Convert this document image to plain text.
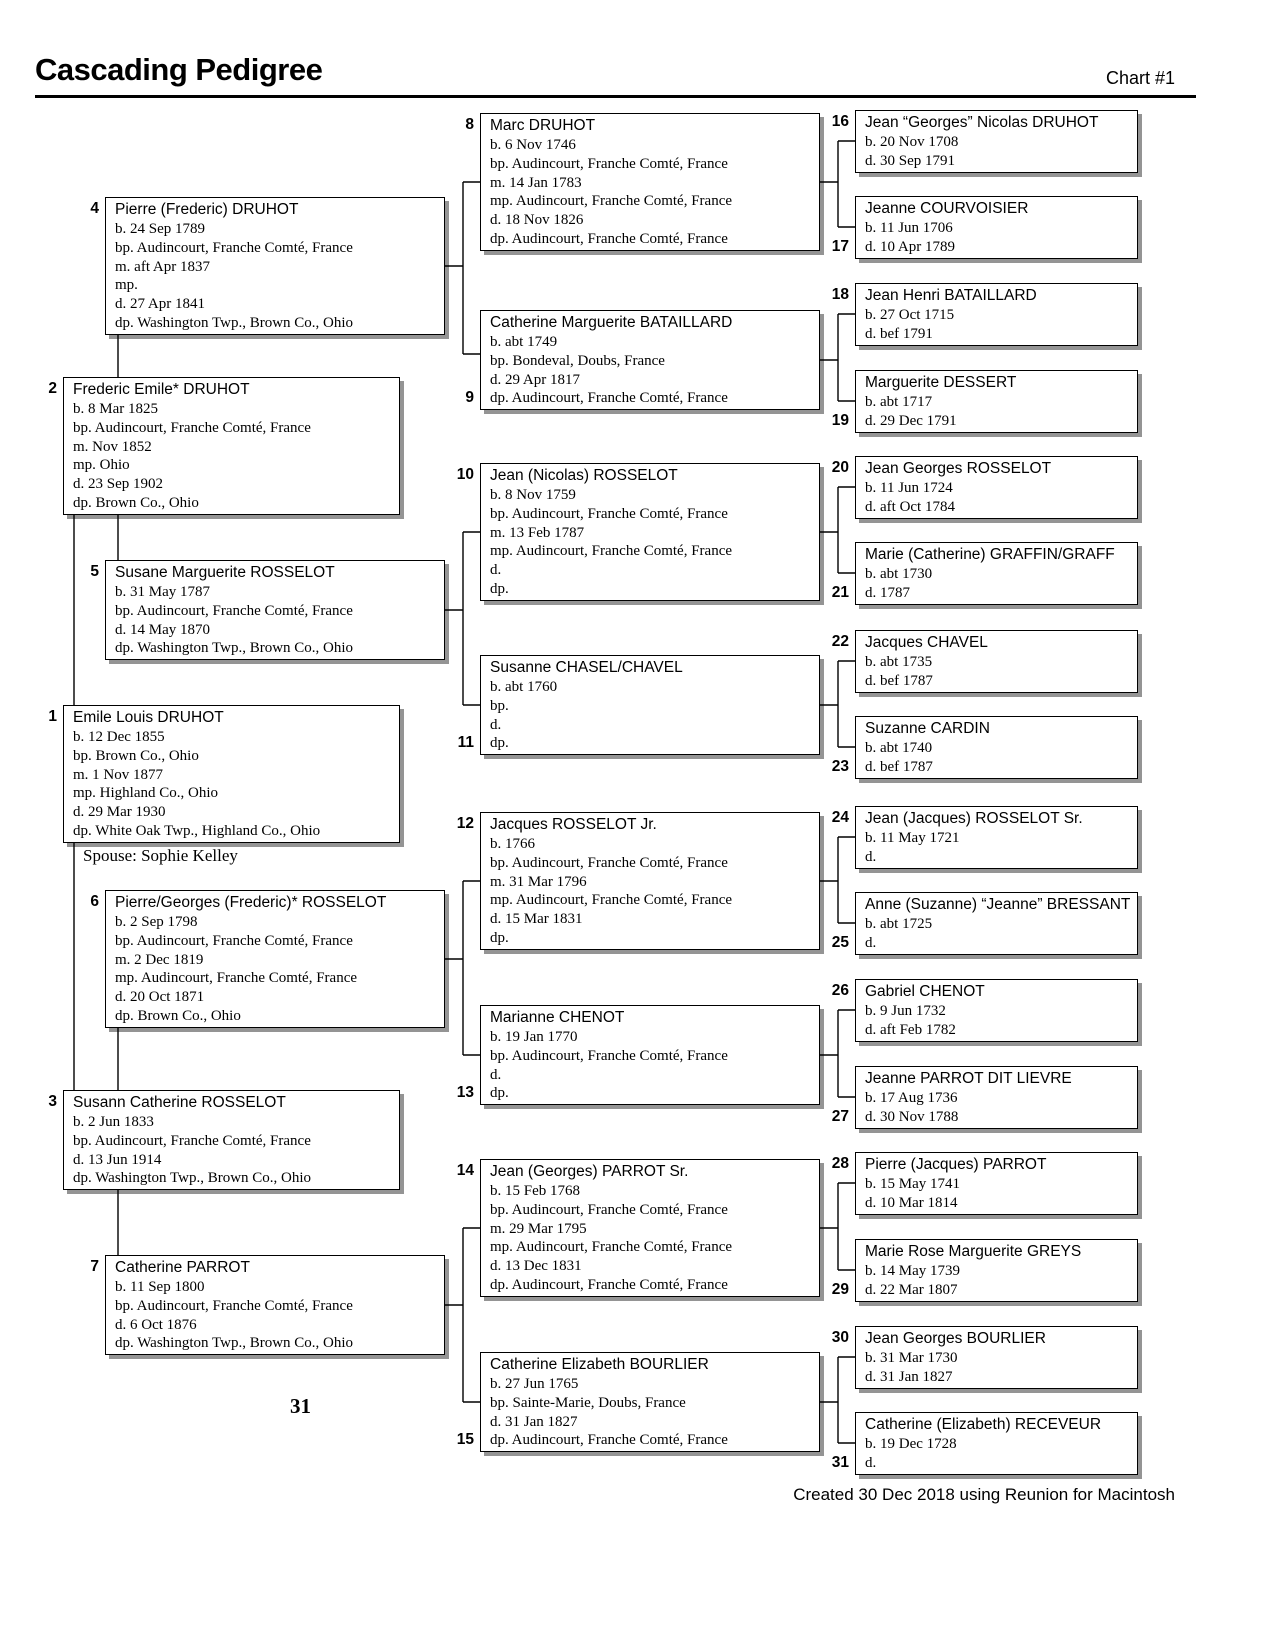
Cascading Pedigree	Chart #1
Emile Louis DRUHOT
b. 12 Dec 1855
bp. Brown Co., Ohio
m. 1 Nov 1877
mp. Highland Co., Ohio
d. 29 Mar 1930
dp. White Oak Twp., Highland Co., Ohio
1
Frederic Emile* DRUHOT
b. 8 Mar 1825
bp. Audincourt, Franche Comté, France
m. Nov 1852
mp. Ohio
d. 23 Sep 1902
dp. Brown Co., Ohio
2
Susann Catherine ROSSELOT
b. 2 Jun 1833
bp. Audincourt, Franche Comté, France
d. 13 Jun 1914
dp. Washington Twp., Brown Co., Ohio
3
Pierre (Frederic) DRUHOT
b. 24 Sep 1789
bp. Audincourt, Franche Comté, France
m. aft Apr 1837
mp.
d. 27 Apr 1841
dp. Washington Twp., Brown Co., Ohio
4
Susane Marguerite ROSSELOT
b. 31 May 1787
bp. Audincourt, Franche Comté, France
d. 14 May 1870
dp. Washington Twp., Brown Co., Ohio
5
Pierre/Georges (Frederic)* ROSSELOT
b. 2 Sep 1798
bp. Audincourt, Franche Comté, France
m. 2 Dec 1819
mp. Audincourt, Franche Comté, France
d. 20 Oct 1871
dp. Brown Co., Ohio
6
Catherine PARROT
b. 11 Sep 1800
bp. Audincourt, Franche Comté, France
d. 6 Oct 1876
dp. Washington Twp., Brown Co., Ohio
7
Marc DRUHOT
b. 6 Nov 1746
bp. Audincourt, Franche Comté, France
m. 14 Jan 1783
mp. Audincourt, Franche Comté, France
d. 18 Nov 1826
dp. Audincourt, Franche Comté, France
8
Catherine Marguerite BATAILLARD
b. abt 1749
bp. Bondeval, Doubs, France
d. 29 Apr 1817
dp. Audincourt, Franche Comté, France
9
Jean (Nicolas) ROSSELOT
b. 8 Nov 1759
bp. Audincourt, Franche Comté, France
m. 13 Feb 1787
mp. Audincourt, Franche Comté, France
d.
dp.
10
Susanne CHASEL/CHAVEL
b. abt 1760
bp.
d.
dp.
11
Jacques ROSSELOT Jr.
b. 1766
bp. Audincourt, Franche Comté, France
m. 31 Mar 1796
mp. Audincourt, Franche Comté, France
d. 15 Mar 1831
dp.
12
Marianne CHENOT
b. 19 Jan 1770
bp. Audincourt, Franche Comté, France
d.
dp.
13
Jean (Georges) PARROT Sr.
b. 15 Feb 1768
bp. Audincourt, Franche Comté, France
m. 29 Mar 1795
mp. Audincourt, Franche Comté, France
d. 13 Dec 1831
dp. Audincourt, Franche Comté, France
14
Catherine Elizabeth BOURLIER
b. 27 Jun 1765
bp. Sainte-Marie, Doubs, France
d. 31 Jan 1827
dp. Audincourt, Franche Comté, France
15
Jean “Georges” Nicolas DRUHOT
b. 20 Nov 1708
d. 30 Sep 1791
16
Jeanne COURVOISIER
b. 11 Jun 1706
d. 10 Apr 1789
17
Jean Henri BATAILLARD
b. 27 Oct 1715
d. bef 1791
18
Marguerite DESSERT
b. abt 1717
d. 29 Dec 1791
19
Jean Georges ROSSELOT
b. 11 Jun 1724
d. aft Oct 1784
20
Marie (Catherine) GRAFFIN/GRAFF
b. abt 1730
d. 1787
21
Jacques CHAVEL
b. abt 1735
d. bef 1787
22
Suzanne CARDIN
b. abt 1740
d. bef 1787
23
Jean (Jacques) ROSSELOT Sr.
b. 11 May 1721
d.
24
Anne (Suzanne) “Jeanne” BRESSANT
b. abt 1725
d.
25
Gabriel CHENOT
b. 9 Jun 1732
d. aft Feb 1782
26
Jeanne PARROT DIT LIEVRE
b. 17 Aug 1736
d. 30 Nov 1788
27
Pierre (Jacques) PARROT
b. 15 May 1741
d. 10 Mar 1814
28
Marie Rose Marguerite GREYS
b. 14 May 1739
d. 22 Mar 1807
29
Jean Georges BOURLIER
b. 31 Mar 1730
d. 31 Jan 1827
30
Catherine (Elizabeth) RECEVEUR
b. 19 Dec 1728
d.
31
Spouse: Sophie Kelley
31
Created 30 Dec 2018 using Reunion for Macintosh
